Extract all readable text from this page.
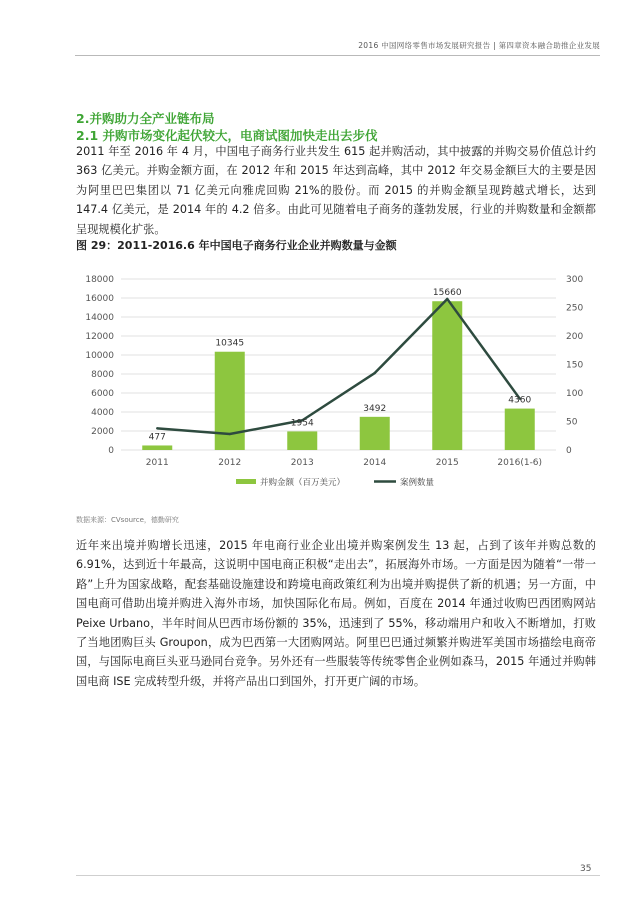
2016 中国网络零售市场发展研究报告 | 第四章资本融合助推企业发展
2.并购助力全产业链布局
2.1 并购市场变化起伏较大，电商试图加快走出去步伐
2011 年至 2016 年 4 月，中国电子商务行业共发生 615 起并购活动，其中披露的并购交易价值总计约 363 亿美元。并购金额方面，在 2012 年和 2015 年达到高峰，其中 2012 年交易金额巨大的主要是因为阿里巴巴集团以 71 亿美元向雅虎回购 21%的股份。而 2015 的并购金额呈现跨越式增长，达到 147.4 亿美元，是 2014 年的 4.2 倍多。由此可见随着电子商务的蓬勃发展，行业的并购数量和金额都呈现规模化扩张。
图 29：2011-2016.6 年中国电子商务行业企业并购数量与金额
0
2000
4000
6000
8000
10000
12000
14000
16000
18000
0
50
100
150
200
250
300
2011	2012	2013	2014	2015	2016(1-6)
477
10345
1954
3492
15660
4360
并购金额（百万美元）	案例数量
数据来源：CVsource，德勤研究
近年来出境并购增长迅速，2015 年电商行业企业出境并购案例发生 13 起，占到了该年并购总数的 6.91%，达到近十年最高，这说明中国电商正积极“走出去”，拓展海外市场。一方面是因为随着“一带一路”上升为国家战略，配套基础设施建设和跨境电商政策红利为出境并购提供了新的机遇；另一方面，中国电商可借助出境并购进入海外市场，加快国际化布局。例如，百度在 2014 年通过收购巴西团购网站 Peixe Urbano，半年时间从巴西市场份额的 35%，迅速到了 55%，移动端用户和收入不断增加，打败了当地团购巨头 Groupon，成为巴西第一大团购网站。阿里巴巴通过频繁并购进军美国市场描绘电商帝国，与国际电商巨头亚马逊同台竞争。另外还有一些服装等传统零售企业例如森马，2015 年通过并购韩国电商 ISE 完成转型升级，并将产品出口到国外，打开更广阔的市场。
35
